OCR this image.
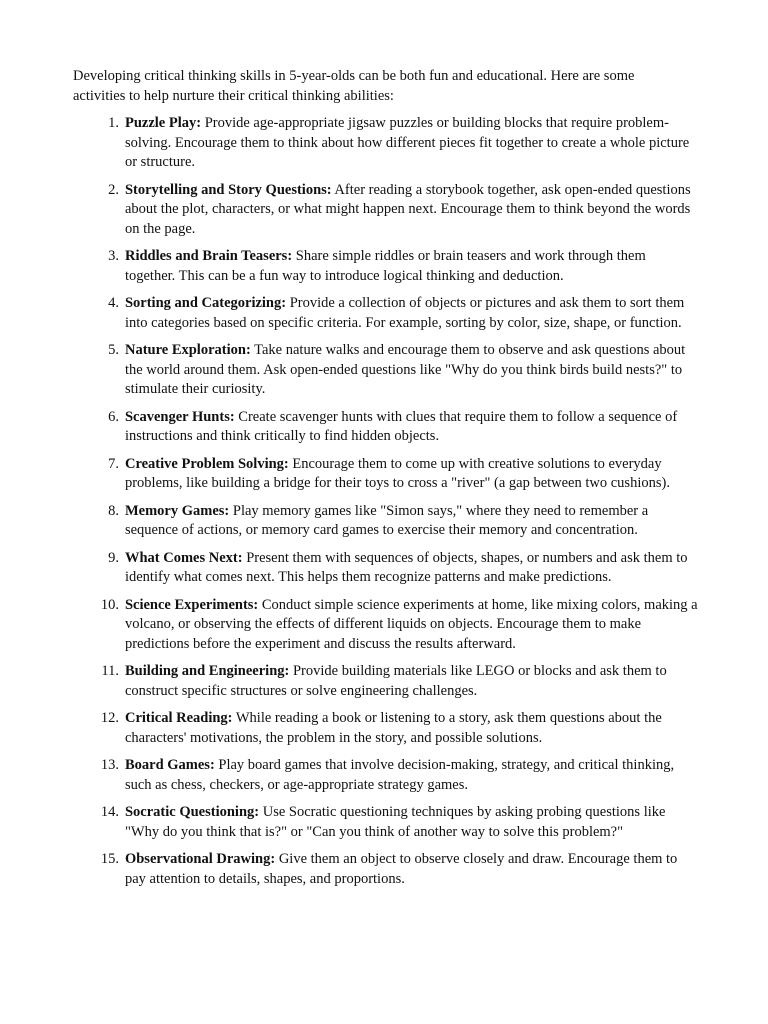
Developing critical thinking skills in 5-year-olds can be both fun and educational. Here are some activities to help nurture their critical thinking abilities:

1. Puzzle Play: Provide age-appropriate jigsaw puzzles or building blocks that require problem-solving. Encourage them to think about how different pieces fit together to create a whole picture or structure.
2. Storytelling and Story Questions: After reading a storybook together, ask open-ended questions about the plot, characters, or what might happen next. Encourage them to think beyond the words on the page.
3. Riddles and Brain Teasers: Share simple riddles or brain teasers and work through them together. This can be a fun way to introduce logical thinking and deduction.
4. Sorting and Categorizing: Provide a collection of objects or pictures and ask them to sort them into categories based on specific criteria. For example, sorting by color, size, shape, or function.
5. Nature Exploration: Take nature walks and encourage them to observe and ask questions about the world around them. Ask open-ended questions like "Why do you think birds build nests?" to stimulate their curiosity.
6. Scavenger Hunts: Create scavenger hunts with clues that require them to follow a sequence of instructions and think critically to find hidden objects.
7. Creative Problem Solving: Encourage them to come up with creative solutions to everyday problems, like building a bridge for their toys to cross a "river" (a gap between two cushions).
8. Memory Games: Play memory games like "Simon says," where they need to remember a sequence of actions, or memory card games to exercise their memory and concentration.
9. What Comes Next: Present them with sequences of objects, shapes, or numbers and ask them to identify what comes next. This helps them recognize patterns and make predictions.
10. Science Experiments: Conduct simple science experiments at home, like mixing colors, making a volcano, or observing the effects of different liquids on objects. Encourage them to make predictions before the experiment and discuss the results afterward.
11. Building and Engineering: Provide building materials like LEGO or blocks and ask them to construct specific structures or solve engineering challenges.
12. Critical Reading: While reading a book or listening to a story, ask them questions about the characters' motivations, the problem in the story, and possible solutions.
13. Board Games: Play board games that involve decision-making, strategy, and critical thinking, such as chess, checkers, or age-appropriate strategy games.
14. Socratic Questioning: Use Socratic questioning techniques by asking probing questions like "Why do you think that is?" or "Can you think of another way to solve this problem?"
15. Observational Drawing: Give them an object to observe closely and draw. Encourage them to pay attention to details, shapes, and proportions.
